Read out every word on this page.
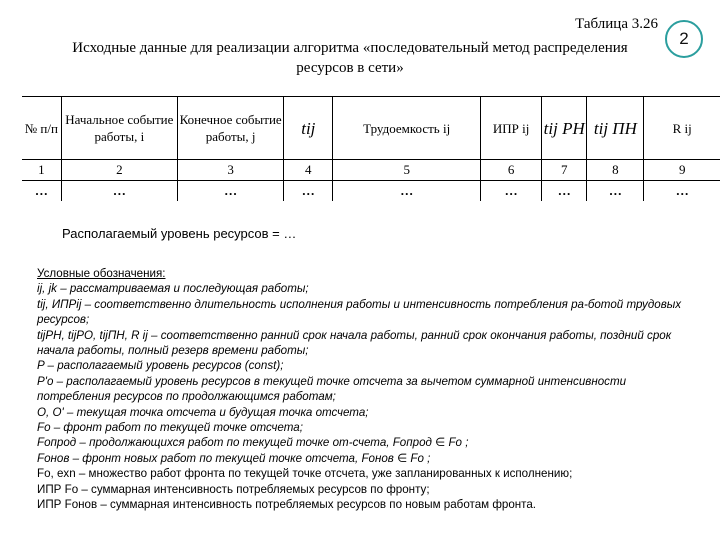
Таблица 3.26
2
Исходные данные для реализации алгоритма «последовательный метод распределения
ресурсов в сети»
№ п/п	Начальное событие работы, i	Конечное событие работы, j	tij	Трудоемкость ij	ИПР ij	tij РН	tij ПН	R ij
1	2	3	4	5	6	7	8	9
…	…	…	…	…	…	…	…	…
Располагаемый уровень ресурсов = …
Условные обозначения:
ij, jk – рассматриваемая и последующая работы;
tij, ИПРij – соответственно длительность исполнения работы и интенсивность потребления ра-ботой трудовых ресурсов;
tijРН, tijРО, tijПН, R ij – соответственно ранний срок начала работы, ранний срок окончания работы, поздний срок начала работы, полный резерв времени работы;
P – располагаемый уровень ресурсов (const);
P'o – располагаемый уровень ресурсов в текущей точке отсчета за вычетом суммарной интенсивности потребления ресурсов по продолжающимся работам;
O, O' – текущая точка отсчета и будущая точка отсчета;
Fo – фронт работ по текущей точке отсчета;
Foпрод – продолжающихся работ по текущей точке от-счета, Foпрод ∈ Fo ;
Foнов – фронт новых работ по текущей точке отсчета, Foнов ∈ Fo ;
Fo, exn – множество работ фронта по текущей точке отсчета, уже запланированных к исполнению;
ИПР Fo – суммарная интенсивность потребляемых ресурсов по фронту;
ИПР Foнов – суммарная интенсивность потребляемых ресурсов по новым работам фронта.
